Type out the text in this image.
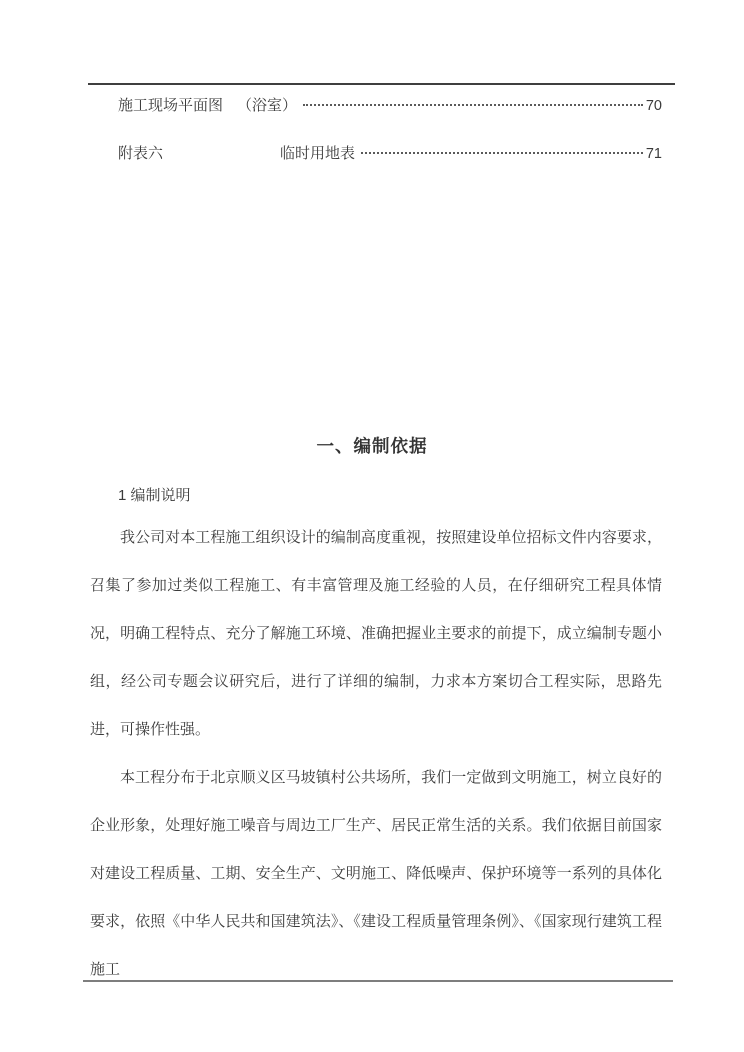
施工现场平面图 （浴室）	70
附表六	临时用地表	71
一、编制依据
1 编制说明

我公司对本工程施工组织设计的编制高度重视，按照建设单位招标文件内容要求，召集了参加过类似工程施工、有丰富管理及施工经验的人员，在仔细研究工程具体情况，明确工程特点、充分了解施工环境、准确把握业主要求的前提下，成立编制专题小组，经公司专题会议研究后，进行了详细的编制，力求本方案切合工程实际，思路先进，可操作性强。

本工程分布于北京顺义区马坡镇村公共场所，我们一定做到文明施工，树立良好的企业形象，处理好施工噪音与周边工厂生产、居民正常生活的关系。我们依据目前国家对建设工程质量、工期、安全生产、文明施工、降低噪声、保护环境等一系列的具体化要求，依照《中华人民共和国建筑法》、《建设工程质量管理条例》、《国家现行建筑工程施工
